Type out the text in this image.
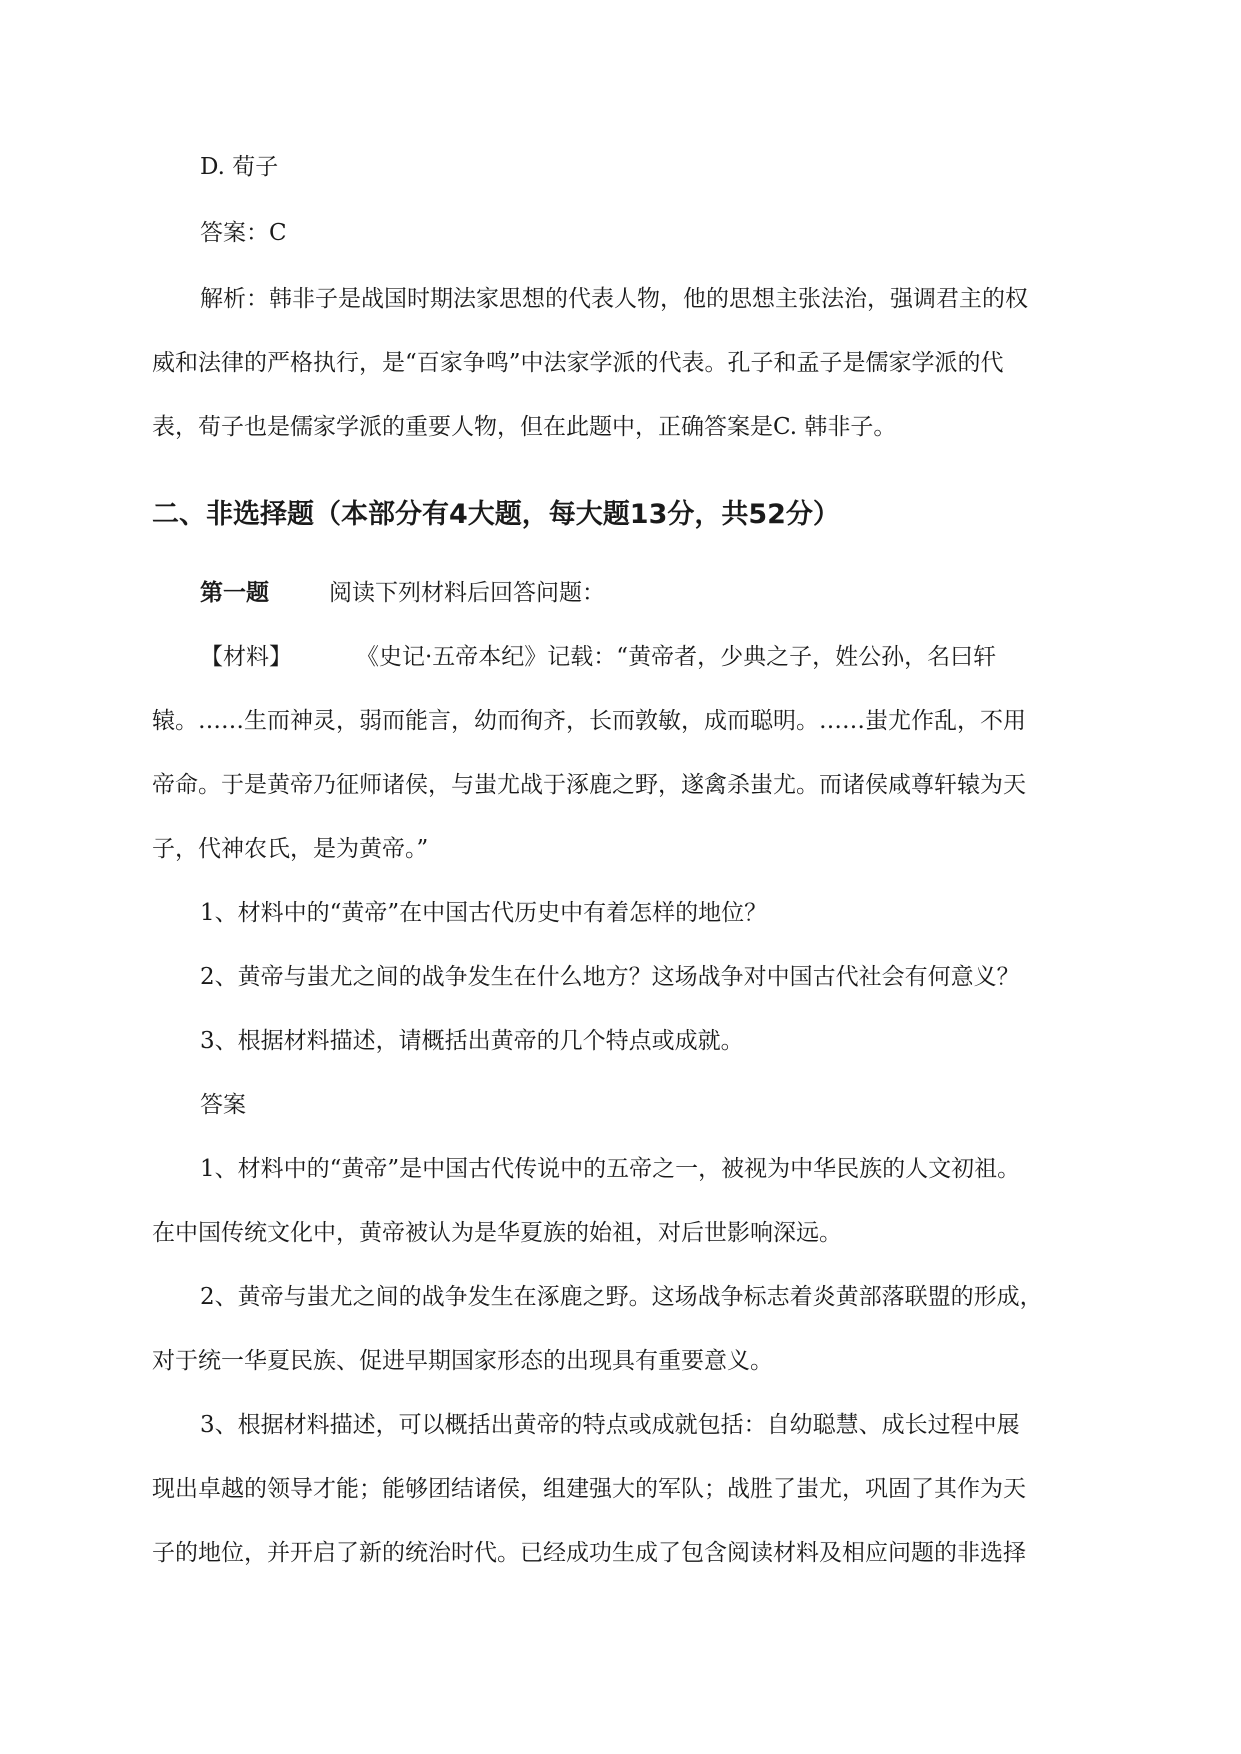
D. 荀子
答案：C
解析：韩非子是战国时期法家思想的代表人物，他的思想主张法治，强调君主的权
威和法律的严格执行，是“百家争鸣”中法家学派的代表。孔子和孟子是儒家学派的代
表，荀子也是儒家学派的重要人物，但在此题中，正确答案是C. 韩非子。
二、非选择题（本部分有4大题，每大题13分，共52分）
第一题	阅读下列材料后回答问题：
【材料】	《史记·五帝本纪》记载：“黄帝者，少典之子，姓公孙，名曰轩
辕。……生而神灵，弱而能言，幼而徇齐，长而敦敏，成而聪明。……蚩尤作乱，不用
帝命。于是黄帝乃征师诸侯，与蚩尤战于涿鹿之野，遂禽杀蚩尤。而诸侯咸尊轩辕为天
子，代神农氏，是为黄帝。”
1、材料中的“黄帝”在中国古代历史中有着怎样的地位？
2、黄帝与蚩尤之间的战争发生在什么地方？这场战争对中国古代社会有何意义？
3、根据材料描述，请概括出黄帝的几个特点或成就。
答案
1、材料中的“黄帝”是中国古代传说中的五帝之一，被视为中华民族的人文初祖。
在中国传统文化中，黄帝被认为是华夏族的始祖，对后世影响深远。
2、黄帝与蚩尤之间的战争发生在涿鹿之野。这场战争标志着炎黄部落联盟的形成，
对于统一华夏民族、促进早期国家形态的出现具有重要意义。
3、根据材料描述，可以概括出黄帝的特点或成就包括：自幼聪慧、成长过程中展
现出卓越的领导才能；能够团结诸侯，组建强大的军队；战胜了蚩尤，巩固了其作为天
子的地位，并开启了新的统治时代。已经成功生成了包含阅读材料及相应问题的非选择
